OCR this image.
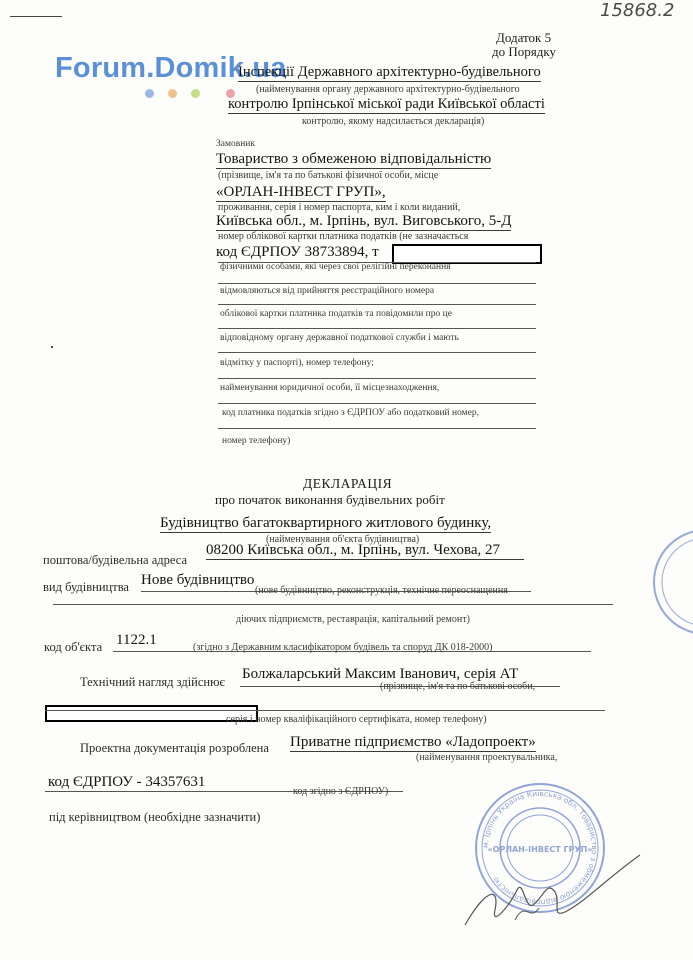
15868.2
Додаток 5
до Порядку
Forum.Domik.ua
Інспекції Державного архітектурно-будівельного
(найменування органу державного архітектурно-будівельного
контролю Ірпінської міської ради Київської області
контролю, якому надсилається декларація)
Замовник
Товариство з обмеженою відповідальністю
(прізвище, ім'я та по батькові фізичної особи, місце
«ОРЛАН-ІНВЕСТ ГРУП»,
проживання, серія і номер паспорта, ким і коли виданий,
Київська обл., м. Ірпінь, вул. Виговського, 5-Д
номер облікової картки платника податків (не зазначається
код ЄДРПОУ 38733894, т
фізичними особами, які через свої релігійні переконання
відмовляються від прийняття реєстраційного номера
облікової картки платника податків та повідомили про це
відповідному органу державної податкової служби і мають
відмітку у паспорті), номер телефону;
найменування юридичної особи, її місцезнаходження,
код платника податків згідно з ЄДРПОУ або податковий номер,
номер телефону)
ДЕКЛАРАЦІЯ
про початок виконання будівельних робіт
Будівництво багатоквартирного житлового будинку,
(найменування об'єкта будівництва)
поштова/будівельна адреса
08200 Київська обл., м. Ірпінь, вул. Чехова, 27
вид будівництва Нове будівництво
(нове будівництво, реконструкція, технічне переоснащення
діючих підприємств, реставрація, капітальний ремонт)
код об'єкта 1122.1	(згідно з Державним класифікатором будівель та споруд ДК 018-2000)
Технічний нагляд здійснює Болжаларський Максим Іванович, серія АТ
(прізвище, ім'я та по батькові особи,
серія і номер кваліфікаційного сертифіката, номер телефону)
Проектна документація розроблена Приватне підприємство «Ладопроект»
(найменування проектувальника,
код ЄДРПОУ - 34357631
код згідно з ЄДРПОУ)
під керівництвом (необхідне зазначити)
м. Ірпінь Україна Київська обл. Товариство з обмеженою відповідальністю
«ОРЛАН-ІНВЕСТ ГРУП»
